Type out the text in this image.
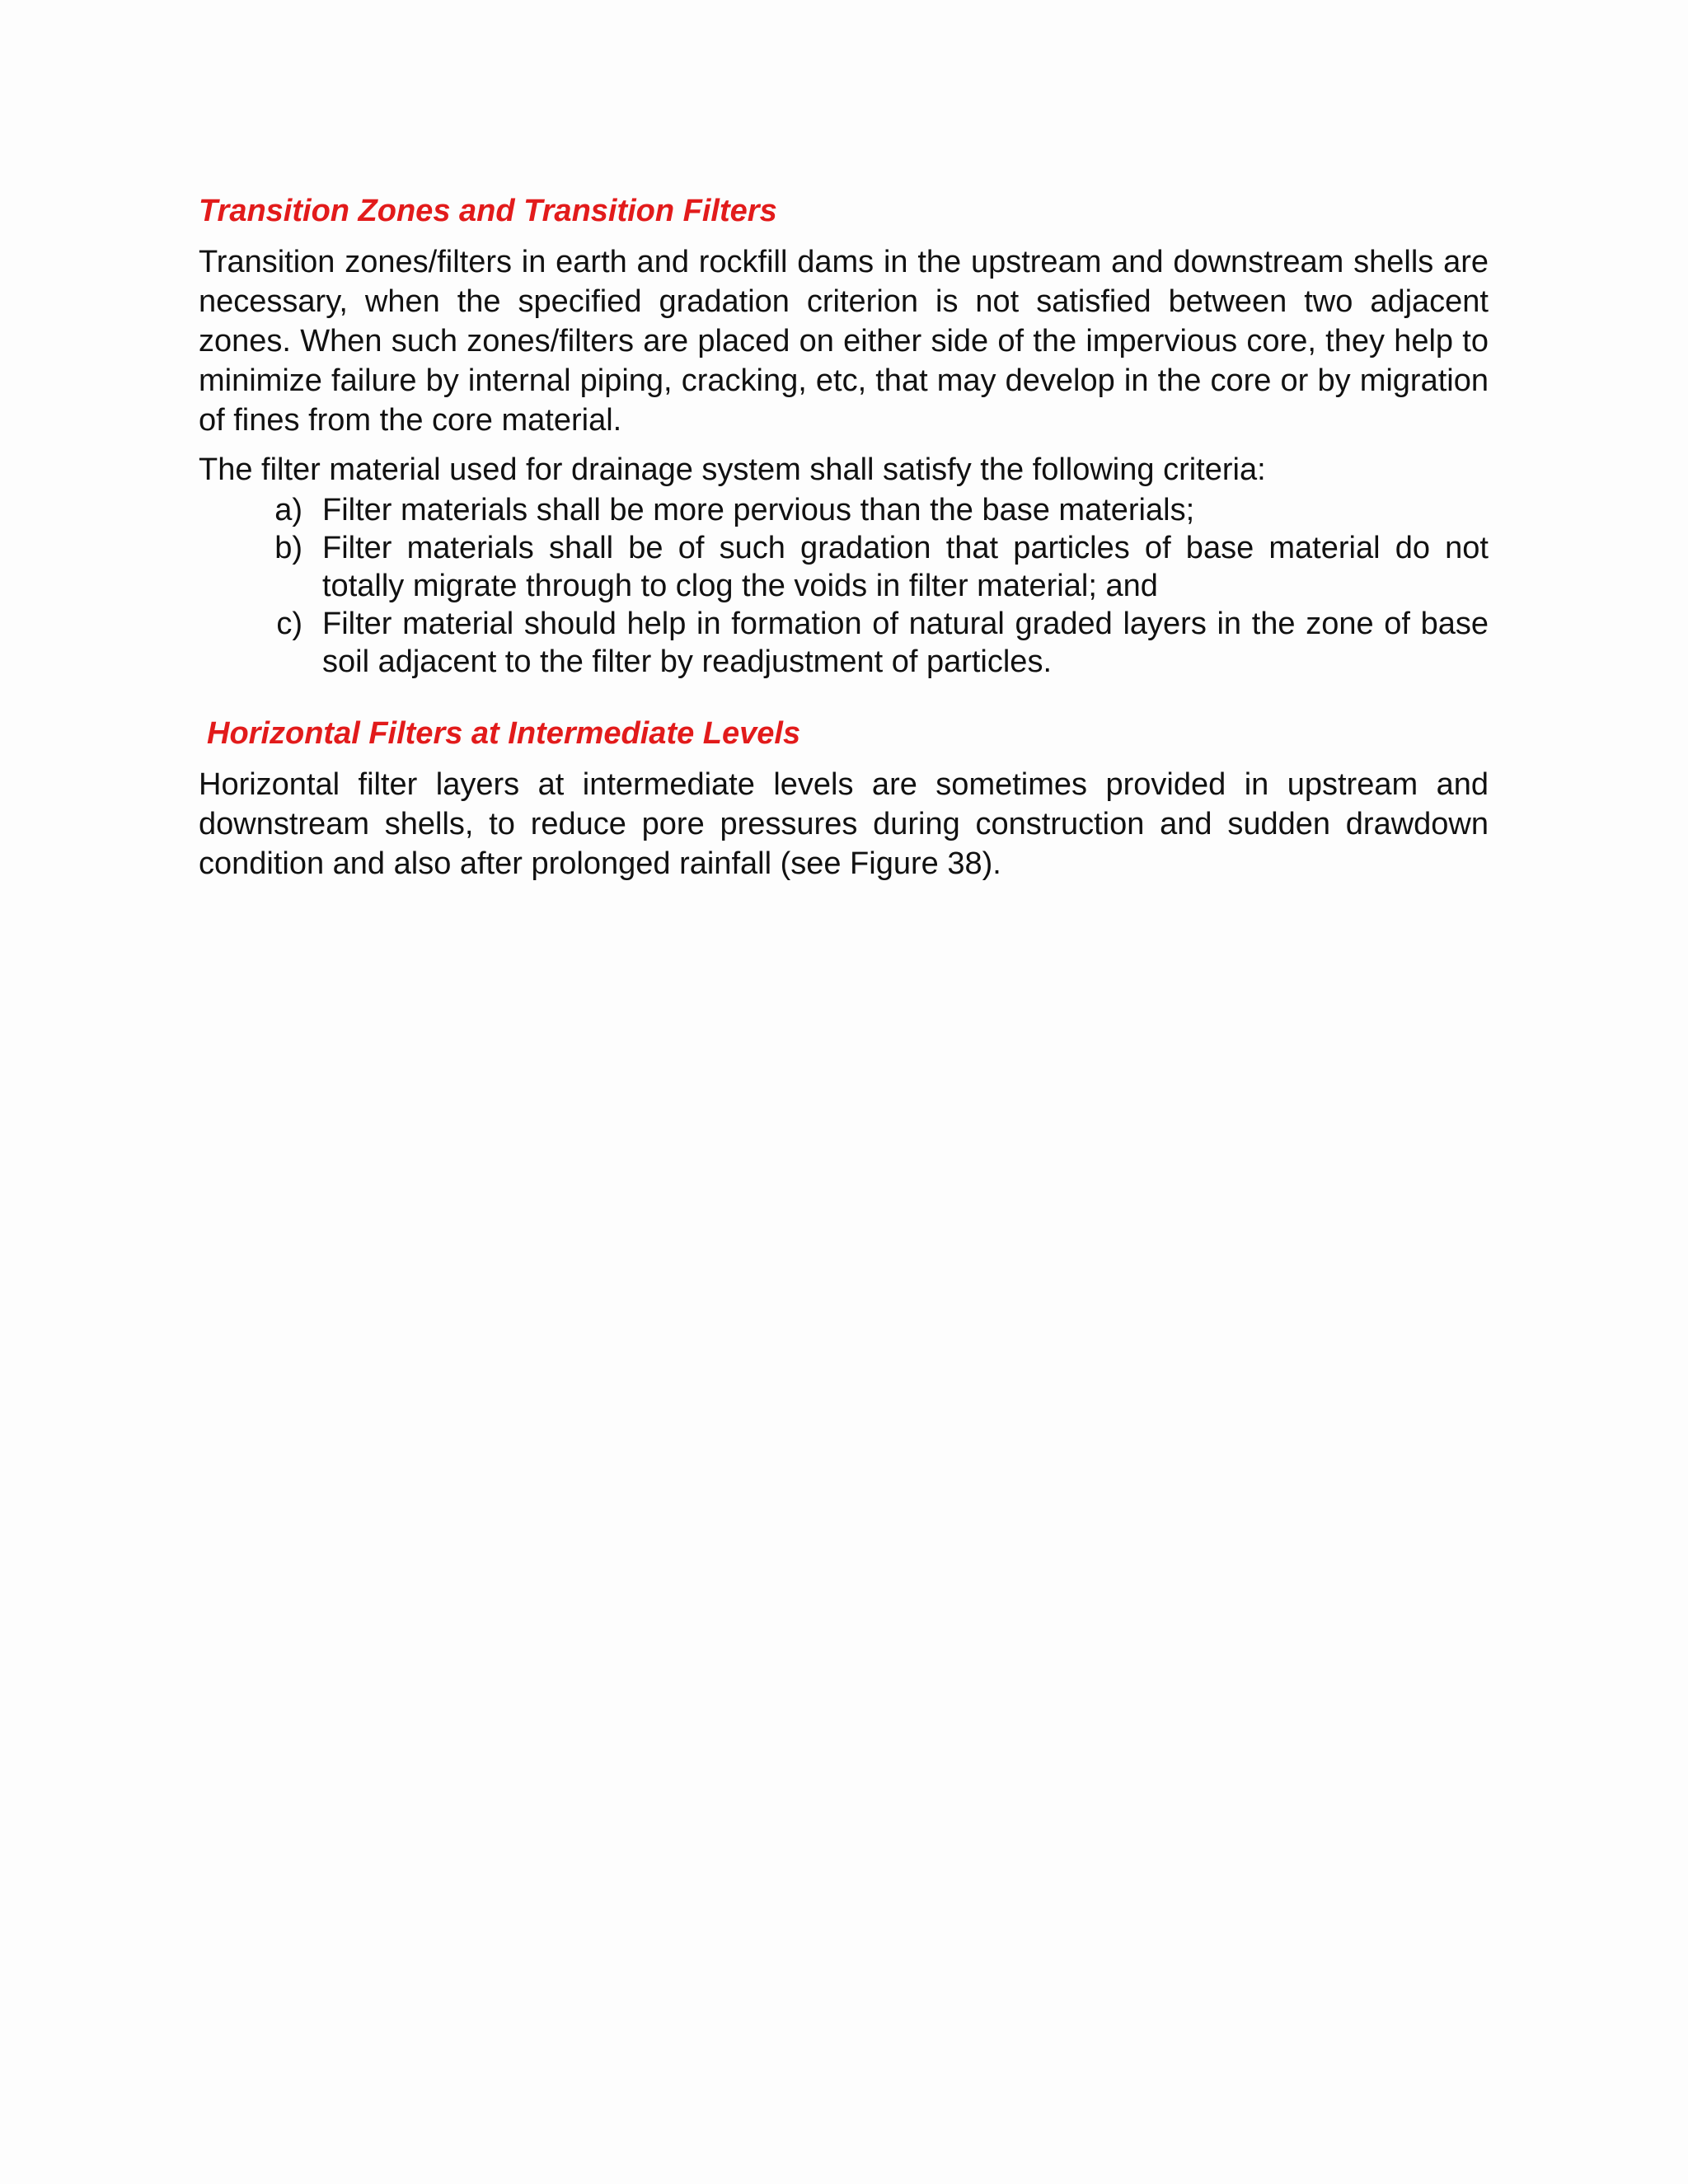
Transition Zones and Transition Filters

Transition zones/filters in earth and rockfill dams in the upstream and downstream shells are necessary, when the specified gradation criterion is not satisfied between two adjacent zones. When such zones/filters are placed on either side of the impervious core, they help to minimize failure by internal piping, cracking, etc, that may develop in the core or by migration of fines from the core material.

The filter material used for drainage system shall satisfy the following criteria:

a) Filter materials shall be more pervious than the base materials;
b) Filter materials shall be of such gradation that particles of base material do not totally migrate through to clog the voids in filter material; and
c) Filter material should help in formation of natural graded layers in the zone of base soil adjacent to the filter by readjustment of particles.
Horizontal Filters at Intermediate Levels

Horizontal filter layers at intermediate levels are sometimes provided in upstream and downstream shells, to reduce pore pressures during construction and sudden drawdown condition and also after prolonged rainfall (see Figure 38).
